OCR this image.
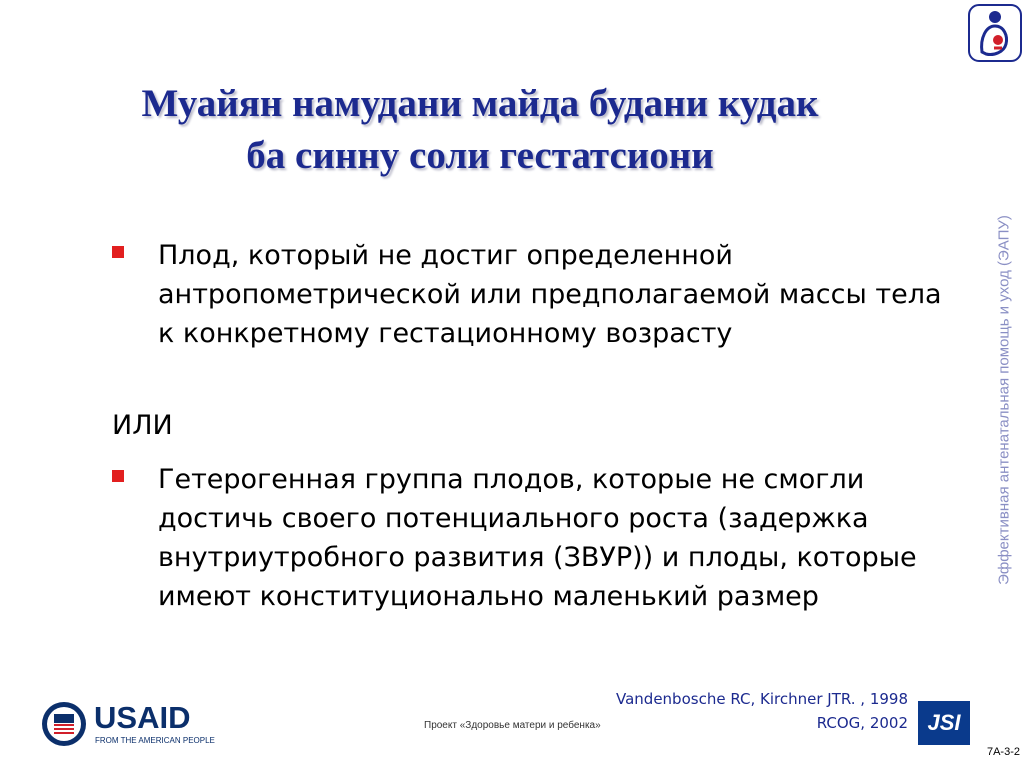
Муайян намудани майда будани кудак
ба синну соли гестатсиони
Эффективная антенатальная помощь и уход (ЭАПУ)
Плод, который не достиг определенной антропометрической или предполагаемой массы тела к конкретному гестационному возрасту
ИЛИ
Гетерогенная группа плодов, которые не смогли достичь своего потенциального роста (задержка внутриутробного развития (ЗВУР)) и плоды, которые имеют конституционально маленький размер
Vandenbosche RC, Kirchner JTR. , 1998
RCOG, 2002
Проект «Здоровье матери и ребенка»
USAID
FROM THE AMERICAN PEOPLE
JSI
7A-3-2
